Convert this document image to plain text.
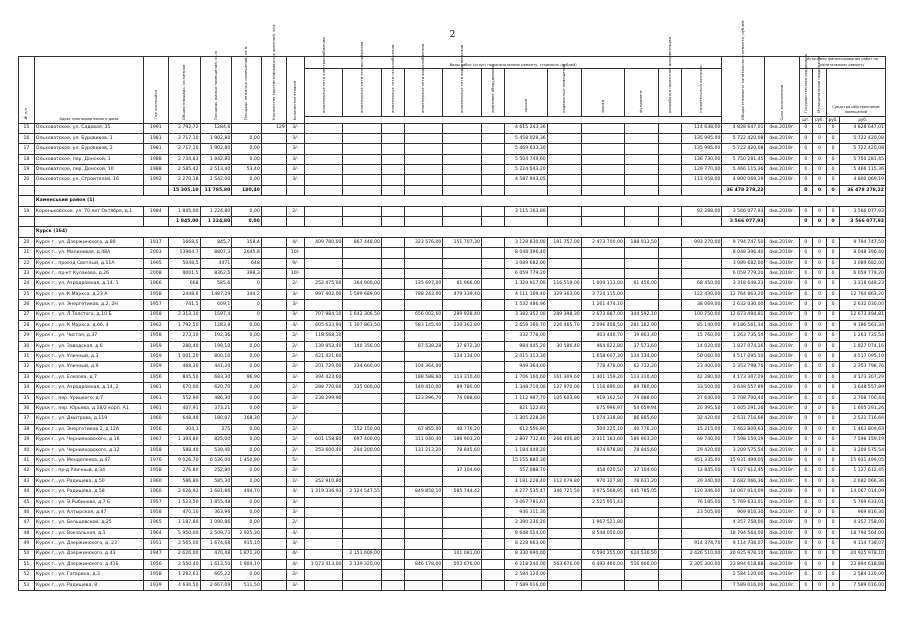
2
№ п/п	Адрес многоквартирного дома	Год постройки	Общая площадь, кв.метров	Площадь жилых помещений, кв.м	Площадь нежилых помещений, кв.м	Количество зарегистрированных жителей, чел.	Количество этажей	Виды работ (услуг) по капитальному ремонту, стоимость (рублей)												Общая стоимость капитального ремонта, рублей	Срок выполнения	Источники финансирования работ по капитальному ремонту			
								инженерные сети электроснабжения	инженерные сети теплоснабжения	инженерные сети газоснабжения	инженерные сети водоснабжения	инженерные сети водоотведения	лифтовое оборудование	крыша	подвальные помещения	фасад	фундамент	разработка проектной документации	строительный контроль			Государственная поддержка	Муниципальная поддержка	Средства собственников помещений	
																						шт.	руб.	руб.	руб.
15	Ольховатское, ул. Садовая, 35	1991	2 792,72	1284,6		129	3/-							4 615 243,36					114 638,00	4 828 647,01	4кв.2019г.	0	0	0	4 828 647,01
16	Ольховатское, ул. Буровиков, 1	1981	2 717,10	1 902,80	0,00		3/-							5 458 029,36					135 995,00	5 722 420,08	4кв.2019г.	0	0	0	5 722 420,08
17	Ольховатское, ул. Буровиков, 2	1981	2 717,10	1 902,80	0,00		3/-							5 469 033,30					135 995,00	5 722 420,08	4кв.2019г.	0	0	0	5 722 420,08
18	Ольховатское, пер. Донской, 1	1988	2 734,83	1 842,80	0,00		3/-							5 504 749,60					136 730,00	5 750 281,45	4кв.2019г.	0	0	0	5 750 281,45
19	Ольховатское, пер. Донской, 10	1988	2 585,42	2 513,40	53,40		3/-							5 224 543,20					129 770,00	5 466 115,36	4кв.2019г.	0	0	0	5 466 115,36
20	Ольховатское, ул. Строителей, 16	1992	2 270,18	1 542,00	0,00		3/-							4 587 943,05					113 958,00	4 800 069,19	4кв.2019г.	0	0	0	4 800 069,19
			15 305,10	11 785,80	180,40															36 478 278,22		0	0	0	36 478 278,22
	Каменський район (1)																								
19	Кореньковское, ул. 70 лет Октября, д.1	1984	1 845,00	1 224,80	0,00		2/-							3 115 163,80					92 288,00	3 566 077,93	4кв.2019г.	0	0	0	3 566 077,93
			1 845,00	1 224,80	0,00															3 566 077,93		0	0	0	3 566 077,93
	Курск (164)																								
20	Курск г., ул. Дзержинского, д.80	1917	1668,5	845,7	158,4		4/-	409 780,00	867 448,00		323 576,00	151 707,30		3 128 830,00	191 757,00	2 473 700,00	188 913,50		993 270,00	9 794 747,50	4кв.2019г.	0	0	0	9 794 747,50
21	Курск г., ул. Малиновая, д.48А	2003	13964,7	8807,3	2645,8		10/-							8 048 396,40						8 048 396,40	4кв.2019г.	0	0	0	8 048 396,40
22	Курск г., проезд Светлый, д.11А	1995	5048,5	4471	648		9/-							3 089 682,00						3 089 682,00	4кв.2019г.	0	0	0	3 089 682,00
23	Курск г., пр-кт Кулакова, д.26	2008	9001,5	8362,5	398,3		10/-							6 059 779,20						6 059 779,20	4кв.2019г.	0	0	0	6 059 779,20
24	Курск г., ул. Аэродромная, д.14, 1	1966	668	585,6	0		2/-	252 475,00	364 900,00		135 697,00	61 966,00		1 329 917,00	116 519,00	1 009 113,00	61 456,00		68 450,00	3 318 648,23	4кв.2019г.	0	0	0	3 318 648,23
25	Курск г., ул. К.Маркса, д.23 А	1958	2448,6	1487,29	344,2		3/-	997 402,00	1 599 689,00		788 243,00	479 339,40		4 111 169,40	329 363,00	3 724 115,00			122 430,00	12 764 863,20	4кв.2019г.	0	0	0	12 764 863,20
26	Курск г., ул. Энергетиков, д.2, 2Н	1957	741,5	609,1	0		3/-							1 532 486,96		1 261 474,10			38 069,00	2 632 030,00	4кв.2019г.	0	0	0	2 632 030,00
27	Курск г., ул. Л.Толстого, д.10 Б	1958	2 313,10	1597,4	0		3/-	707 984,10	1 642 306,50		656 002,60	289 928,40		3 382 352,00	289 398,30	2 673 887,00	344 592,10		100 750,00	12 673 494,81	4кв.2019г.	0	0	0	12 673 494,81
28	Курск г., ул. К.Маркса, д.66, 4	1962	1 792,50	1283,8	0,00		4/-	605 633,90	1 307 863,50		583 145,40	230 362,80		2 659 160,70	226 465,70	2 096 408,50	281 182,90		85 140,00	9 186 561,34	4кв.2019г.	0	0	0	9 186 561,34
29	Курск г., ул. Чистая, д.37	1958	273,10	192,36	0,00		2/-	118 568,10						332 778,00		403 446,70	39 863,40		15 760,00	1 263 735,54	4кв.2019г.	0	0	0	1 263 735,54
30	Курск г., ул. Заводская, д.6	1959	280,40	199,10	0,00		2/-	139 853,40	140 356,00		87 539,28	37 872,30		984 445,20	30 586,40	464 822,80	37 573,60		14 020,00	1 827 074,16	4кв.2019г.	0	0	0	1 827 074,16
31	Курск г., ул. Уличный, д.3	1959	1 001,20	800,10	0,00		2/-	421 421,60				134 134,00		2 015 313,30		1 658 607,30	134 134,00		50 060,00	4 517 095,10	4кв.2019г.	0	0	0	4 517 095,10
32	Курск г., ул. Уличный, д.9	1959	468,30	441,20	0,00		2/-	201 729,00	234 660,00		104 364,00			949 364,00		778 478,00	62 712,20		23 400,00	2 353 798,76	4кв.2019г.	0	0	0	2 353 798,76
33	Курск г., ул. Елизова, д.7	1956	845,50	683,30	96,90		3/-	394 423,60			188 588,60	113 310,40		1 706 160,60	161 309,60	1 401 159,20	113 310,40		42 280,00	4 173 307,29	4кв.2019г.	0	0	0	4 173 307,29
34	Курск г., ул. Аэродромная, д.14, 2	1961	670,00	620,70	0,00		2/-	288 770,00	335 000,00		149 410,00	89 780,00		1 348 710,00	127 970,00	1 116 890,00	89 780,00		33 500,00	3 648 557,89	4кв.2019г.	0	0	0	3 648 557,89
35	Курск г., пер. Урицкого, д.7	1961	552,90	486,30	0,00		2/-	238 299,90			123 296,70	74 088,60		1 112 987,70	105 603,90	919 162,50	74 088,60		27 640,00	2 708 700,44	4кв.2019г.	0	0	0	2 708 700,44
36	Курск г., пер. Юрьева, д.18/2 корп. А1	1961	407,91	373,21	0,00		2/-							821 122,83		675 996,97	54 659,94		20 395,50	1 605 291,26	4кв.2019г.	0	0	0	1 605 291,26
37	Курск г., ул. Дмитрова, д.119	1960	648,40	180,07	168,30		2/-							1 305 228,20		1 074 338,80	86 885,60		32 420,00	2 531 716,66	4кв.2019г.	0	0	0	2 531 716,66
38	Курск г., ул. Энергетиков 2, д.12А	1956	304,3	275	0,00		2/-		152 150,00		67 855,00	40 776,20		612 556,90		504 225,10	40 776,20		15 215,00	1 463 809,63	4кв.2019г.	0	0	0	1 463 809,63
39	Курск г., ул. Чернияховского, д.16	1967	1 394,80	825,00	0,00		2/-	601 158,80	697 400,00		311 040,40	186 903,20		2 807 732,40	266 406,80	2 311 183,60	186 903,20		69 740,00	7 598 159,19	4кв.2019г.	0	0	0	7 598 159,19
40	Курск г., ул. Чернияховского, д.12	1958	588,40	539,40	0,00		2/-	253 600,40	294 200,00		131 213,20	78 845,60		1 184 449,20		974 978,80	78 845,60		29 420,00	3 209 575,54	4кв.2019г.	0	0	0	3 209 575,54
41	Курск г., ул. Менделеева, д.47	1976	9 026,70	6 536,00	1 450,90		5/-							15 155 880,30					451 335,00	15 931 499,05	4кв.2019г.	0	0	0	15 931 499,05
42	Курск г., пр-д Уличный, д.34	1958	276,80	252,80	0,00		2/-					37 104,60		557 088,70		458 020,50	37 104,60		13 845,00	1 127 612,45	4кв.2019г.	0	0	0	1 127 612,45
43	Курск г., ул. Радищева, д.50	1960	586,80	585,30	0,00		2/-	252 910,80						1 181 228,40	112 079,80	970 327,80	78 631,20		29 340,00	2 682 066,36	4кв.2019г.	0	0	0	2 682 066,36
44	Курск г., ул. Радищева, д.58	1960	2 626,93	1 681,86	494,70		4/-	1 319 336,93	2 124 547,55		849 858,10	585 744,42		4 277 535,47	346 721,50	3 975 568,95	445 785,05		120 346,00	14 067 014,09	4кв.2019г.	0	0	0	14 067 014,09
45	Курск г., ул. Э.Рыбинова, д.7 Б	1957	1 523,50	1 855,48	0,00		3/-							3 067 781,67		2 525 951,43			76 185,00	5 769 633,01	4кв.2019г.	0	0	0	5 769 633,01
46	Курск г., ул. Алтырская, д.47	1958	470,10	363,96	0,00		3/-							946 311,30					23 505,00	969 816,30	4кв.2019г.	0	0	0	969 816,30
47	Курск г., ул. Бельцевской, д.25	1965	1 187,80	1 090,86	0,00		2/-							2 390 236,20		1 967 521,80				4 357 758,00	4кв.2019г.	0	0	0	4 357 758,00
48	Курск г., ул. Вокзальная, д.1	1964	5 950,00	2 509,73	2 925,30		4/-							8 648 514,00		8 548 050,00				18 794 564,00	4кв.2019г.	0	0	0	18 794 564,00
49	Курск г., ул. Дзержинского, д. 23	1951	2 565,00	1 674,68	915,10		3/-							8 228 663,00					914 374,70	9 114 738,07	4кв.2019г.	0	0	0	9 114 738,07
50	Курск г., ул. Дзержинского, д.43	1947	2 626,00	470,48	1 871,30		4/-		2 151 609,00			101 081,00		8 330 690,00		6 590 255,00	624 536,50		2 426 510,00	20 925 978,10	4кв.2019г.	0	0	0	20 925 978,10
51	Курск г., ул. Дзержинского, д.41Б	1956	2 550,40	1 613,50	1 904,10		4/-	1 073 413,00	2 139 320,00		846 178,00	503 676,00		6 218 240,00	563 676,00	6 493 460,00	516 906,00		2 305 300,00	23 894 618,88	4кв.2019г.	0	0	0	23 894 618,88
52	Курск г., ул. Гагарина, д.3	1958	1 282,61	665,22	0,00		2/-							2 584 120,00						2 584 120,00	4кв.2019г.	0	0	0	2 584 120,00
53	Курск г., ул. Радищева, 8	1939	4 630,50	2 667,09	511,50		3/-							7 589 016,00						7 589 016,00	4кв.2019г.	0	0	0	7 589 016,00
